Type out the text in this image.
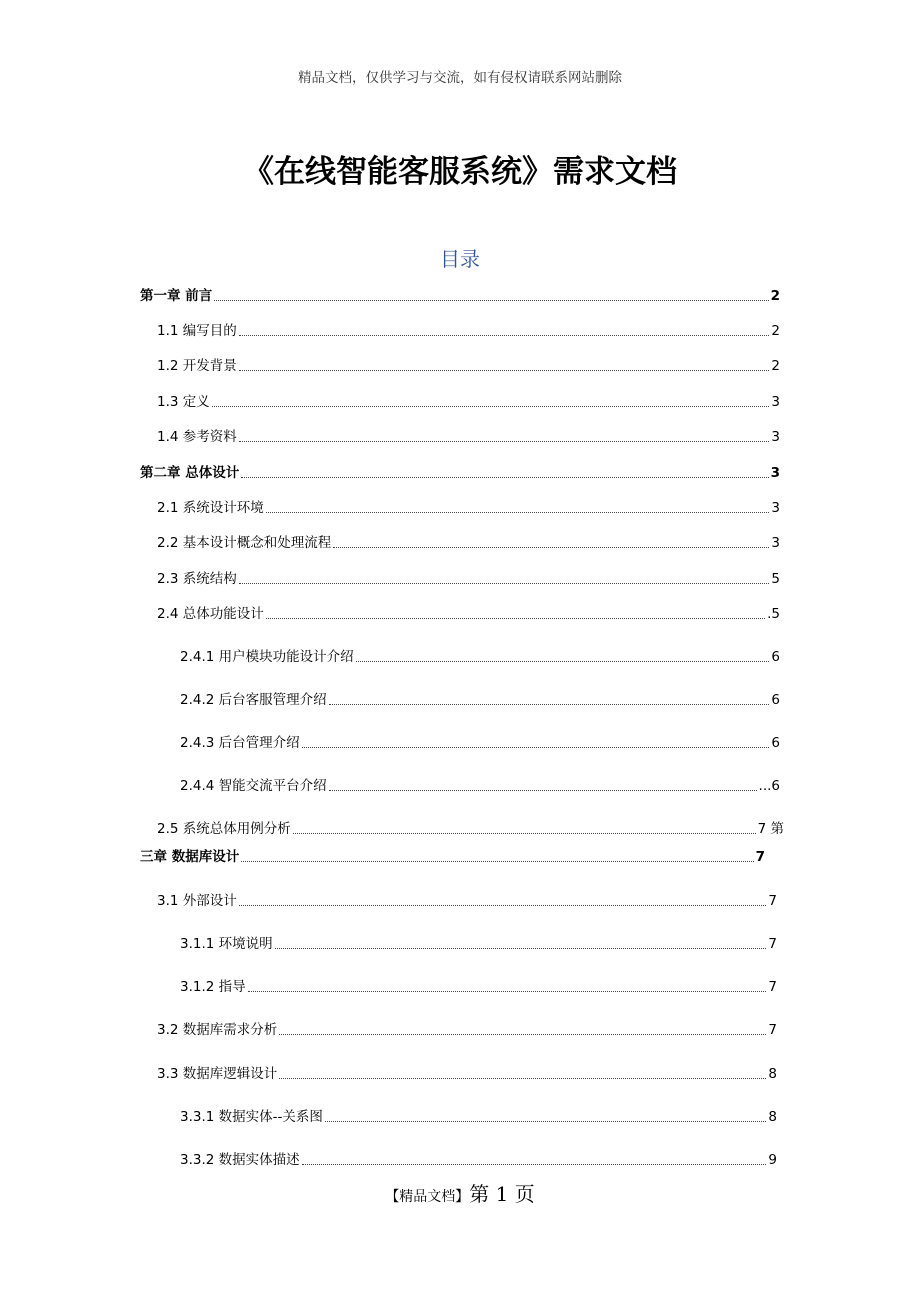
精品文档，仅供学习与交流，如有侵权请联系网站删除
《在线智能客服系统》需求文档
目录
第一章 前言	2
1.1 编写目的	2
1.2 开发背景	2
1.3 定义	3
1.4 参考资料	3
第二章 总体设计	3
2.1 系统设计环境	3
2.2 基本设计概念和处理流程	3
2.3 系统结构	5
2.4 总体功能设计	.5
2.4.1 用户模块功能设计介绍	6
2.4.2 后台客服管理介绍	6
2.4.3 后台管理介绍	6
2.4.4 智能交流平台介绍	...6
2.5 系统总体用例分析	7 第
三章 数据库设计	7
3.1 外部设计	7
3.1.1 环境说明	7
3.1.2 指导	7
3.2 数据库需求分析	7
3.3 数据库逻辑设计	8
3.3.1 数据实体--关系图	8
3.3.2 数据实体描述	9
【精品文档】第 1 页
